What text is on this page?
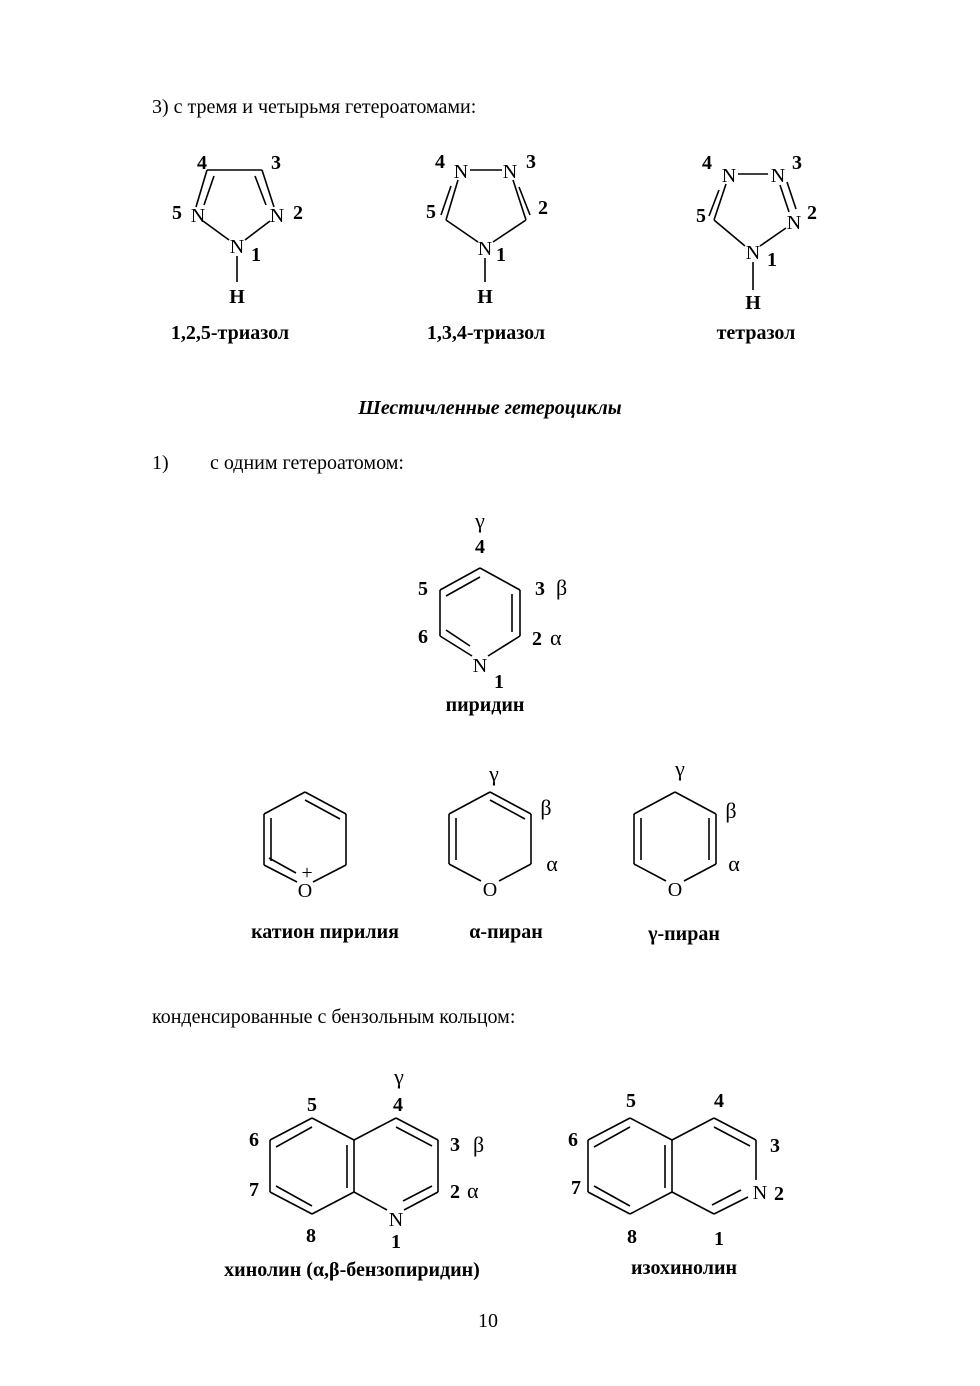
3) с тремя и четырьмя гетероатомами:
N	N
N
H
4	3
5	2
1
N N
N
H
4	3
5	2
1
N N
N
N
H
4	3
5	2
1
N
γ
4
5	3 β
6	2 α
1
O
+
O
γ
β
α
O
γ
β
α
N
γ
5	4
6	3 β
7	2 α
8	1
N
5	4
6	3
7	2
8	1
1,2,5-триазол	1,3,4-триазол	тетразол
Шестичленные гетероциклы
1) с одним гетероатомом:
пиридин
катион пирилия	α-пиран	γ-пиран
конденсированные с бензольным кольцом:
хинолин (α,β-бензопиридин)	изохинолин
10
